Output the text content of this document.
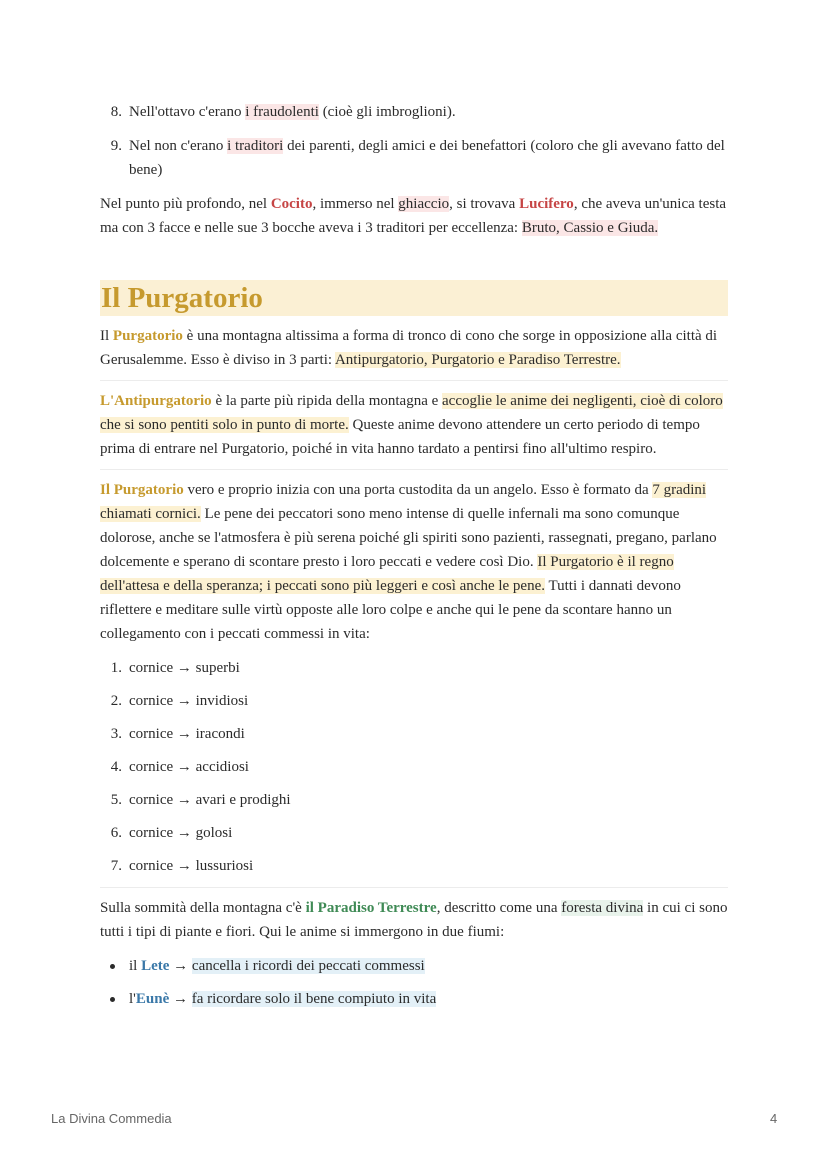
8. Nell'ottavo c'erano i fraudolenti (cioè gli imbroglioni).
9. Nel non c'erano i traditori dei parenti, degli amici e dei benefattori (coloro che gli avevano fatto del bene)

Nel punto più profondo, nel Cocito, immerso nel ghiaccio, si trovava Lucifero, che aveva un'unica testa ma con 3 facce e nelle sue 3 bocche aveva i 3 traditori per eccellenza: Bruto, Cassio e Giuda.

Il Purgatorio

Il Purgatorio è una montagna altissima a forma di tronco di cono che sorge in opposizione alla città di Gerusalemme. Esso è diviso in 3 parti: Antipurgatorio, Purgatorio e Paradiso Terrestre.

L'Antipurgatorio è la parte più ripida della montagna e accoglie le anime dei negligenti, cioè di coloro che si sono pentiti solo in punto di morte. Queste anime devono attendere un certo periodo di tempo prima di entrare nel Purgatorio, poiché in vita hanno tardato a pentirsi fino all'ultimo respiro.

Il Purgatorio vero e proprio inizia con una porta custodita da un angelo. Esso è formato da 7 gradini chiamati cornici. Le pene dei peccatori sono meno intense di quelle infernali ma sono comunque dolorose, anche se l'atmosfera è più serena poiché gli spiriti sono pazienti, rassegnati, pregano, parlano dolcemente e sperano di scontare presto i loro peccati e vedere così Dio. Il Purgatorio è il regno dell'attesa e della speranza; i peccati sono più leggeri e così anche le pene. Tutti i dannati devono riflettere e meditare sulle virtù opposte alle loro colpe e anche qui le pene da scontare hanno un collegamento con i peccati commessi in vita:

1. cornice → superbi
2. cornice → invidiosi
3. cornice → iracondi
4. cornice → accidiosi
5. cornice → avari e prodighi
6. cornice → golosi
7. cornice → lussuriosi

Sulla sommità della montagna c'è il Paradiso Terrestre, descritto come una foresta divina in cui ci sono tutti i tipi di piante e fiori. Qui le anime si immergono in due fiumi:

il Lete → cancella i ricordi dei peccati commessi
l'Eunè → fa ricordare solo il bene compiuto in vita
La Divina Commedia	4
